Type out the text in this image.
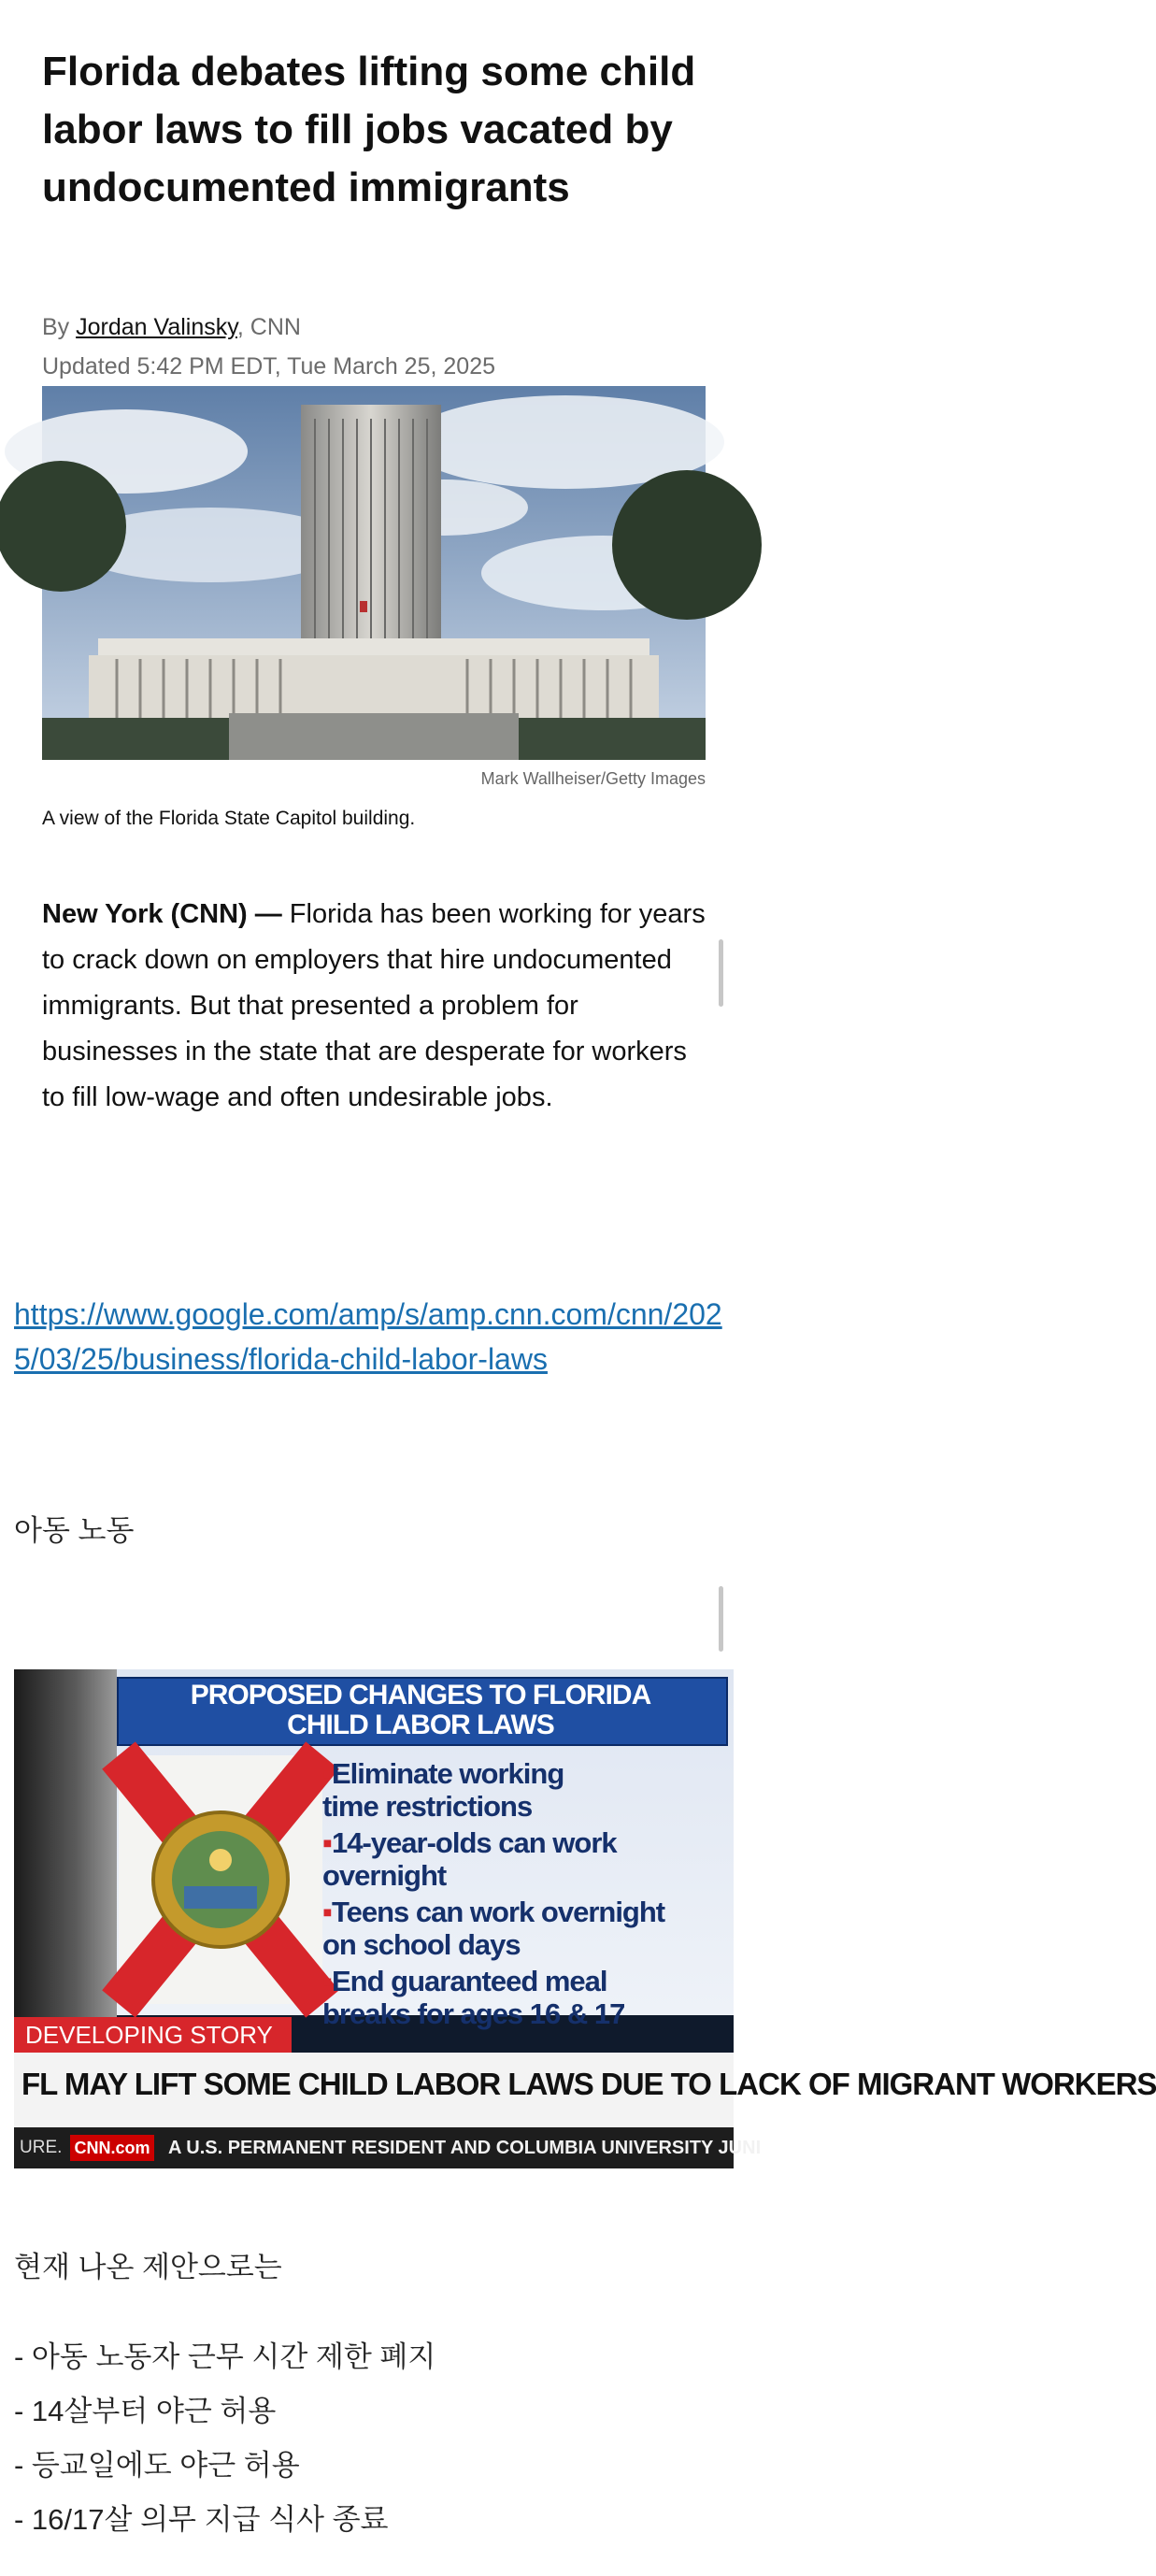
Florida debates lifting some child labor laws to fill jobs vacated by undocumented immigrants
By Jordan Valinsky, CNN
Updated 5:42 PM EDT, Tue March 25, 2025
Mark Wallheiser/Getty Images
A view of the Florida State Capitol building.

New York (CNN) — Florida has been working for years to crack down on employers that hire undocumented immigrants. But that presented a problem for businesses in the state that are desperate for workers to fill low-wage and often undesirable jobs.

https://www.google.com/amp/s/amp.cnn.com/cnn/2025/03/25/business/florida-child-labor-laws
아동 노동
PROPOSED CHANGES TO FLORIDA
CHILD LABOR LAWS
▪Eliminate working
time restrictions
▪14-year-olds can work overnight
▪Teens can work overnight
on school days
▪End guaranteed meal
breaks for ages 16 & 17
DEVELOPING STORY
FL MAY LIFT SOME CHILD LABOR LAWS DUE TO LACK OF MIGRANT WORKERS
URE. CNN.com A U.S. PERMANENT RESIDENT AND COLUMBIA UNIVERSITY JUNI
현재 나온 제안으로는
- 아동 노동자 근무 시간 제한 폐지
- 14살부터 야근 허용
- 등교일에도 야근 허용
- 16/17살 의무 지급 식사 종료
